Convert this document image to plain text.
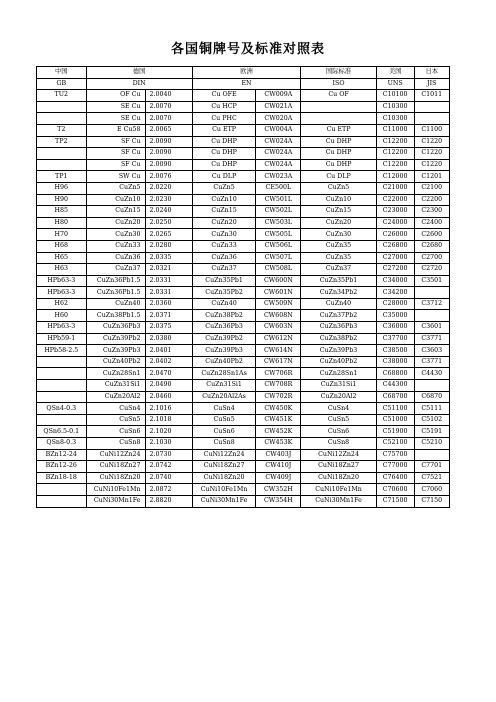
各国铜牌号及标准对照表
中国	德国		欧洲		国际标准	美国	日本
GB	DIN		EN		ISO	UNS	JIS
TU2	OF Cu	2.0040	Cu OFE	CW009A	Cu OF	C10100	C1011
	SE Cu	2.0070	Cu HCP	CW021A		C10300	
	SE Cu	2.0070	Cu PHC	CW020A		C10300	
T2	E Cu58	2.0065	Cu ETP	CW004A	Cu ETP	C11000	C1100
TP2	SF Cu	2.0090	Cu DHP	CW024A	Cu DHP	C12200	C1220
	SF Cu	2.0090	Cu DHP	CW024A	Cu DHP	C12200	C1220
	SF Cu	2.0090	Cu DHP	CW024A	Cu DHP	C12200	C1220
TP1	SW Cu	2.0076	Cu DLP	CW023A	Cu DLP	C12000	C1201
H96	CuZn5	2.0220	CuZn5	CE500L	CuZn5	C21000	C2100
H90	CuZn10	2.0230	CuZn10	CW501L	CuZn10	C22000	C2200
H85	CuZn15	2.0240	CuZn15	CW502L	CuZn15	C23000	C2300
H80	CuZn20	2.0250	CuZn20	CW503L	CuZn20	C24000	C2400
H70	CuZn30	2.0265	CuZn30	CW505L	CuZn30	C26000	C2600
H68	CuZn33	2.0280	CuZn33	CW506L	CuZn35	C26800	C2680
H65	CuZn36	2.0335	CuZn36	CW507L	CuZn35	C27000	C2700
H63	CuZn37	2.0321	CuZn37	CW508L	CuZn37	C27200	C2720
HPb63-3	CuZn36Pb1.5	2.0331	CuZn35Pb1	CW600N	CuZn35Pb1	C34000	C3501
HPb63-3	CuZn36Pb1.5	2.0331	CuZn35Pb2	CW601N	CuZn34Pb2	C34200	
H62	CuZn40	2.0360	CuZn40	CW509N	CuZn40	C28000	C3712
H60	CuZn38Pb1.5	2.0371	CuZn38Pb2	CW608N	CuZn37Pb2	C35000	
HPb63-3	CuZn36Pb3	2.0375	CuZn36Pb3	CW603N	CuZn36Pb3	C36000	C3601
HPb59-1	CuZn39Pb2	2.0380	CuZn39Pb2	CW612N	CuZn38Pb2	C37700	C3771
HPb58-2.5	CuZn39Pb3	2.0401	CuZn39Pb3	CW614N	CuZn39Pb3	C38500	C3603
	CuZn40Pb2	2.0402	CuZn40Pb2	CW617N	CuZn40Pb2	C38000	C3771
	CuZn28Sn1	2.0470	CuZn28Sn1As	CW706R	CuZn28Sn1	C68800	C4430
	CuZn31Si1	2.0490	CuZn31Si1	CW708R	CuZn31Si1	C44300	
	CuZn20Al2	2.0460	CuZn20Al2As	CW702R	CuZn20Al2	C68700	C6870
QSn4-0.3	CuSn4	2.1016	CuSn4	CW450K	CuSn4	C51100	C5111
	CuSn5	2.1018	CuSn5	CW451K	CuSn5	C51000	C5102
QSn6.5-0.1	CuSn6	2.1020	CuSn6	CW452K	CuSn6	C51900	C5191
QSn8-0.3	CuSn8	2.1030	CuSn8	CW453K	CuSn8	C52100	C5210
BZn12-24	CuNi12Zn24	2.0730	CuNi12Zn24	CW403J	CuNi12Zn24	C75700	
BZn12-26	CuNi18Zn27	2.0742	CuNi18Zn27	CW410J	CuNi18Zn27	C77000	C7701
BZn18-18	CuNi18Zn20	2.0740	CuNi18Zn20	CW409J	CuNi18Zn20	C76400	C7521
	CuNi10Fe1Mn	2.0872	CuNi10Fe1Mn	CW352H	CuNi10Fe1Mn	C70600	C7060
	CuNi30Mn1Fe	2.8820	CuNi30Mn1Fe	CW354H	CuNi30Mn1Fe	C71500	C7150
